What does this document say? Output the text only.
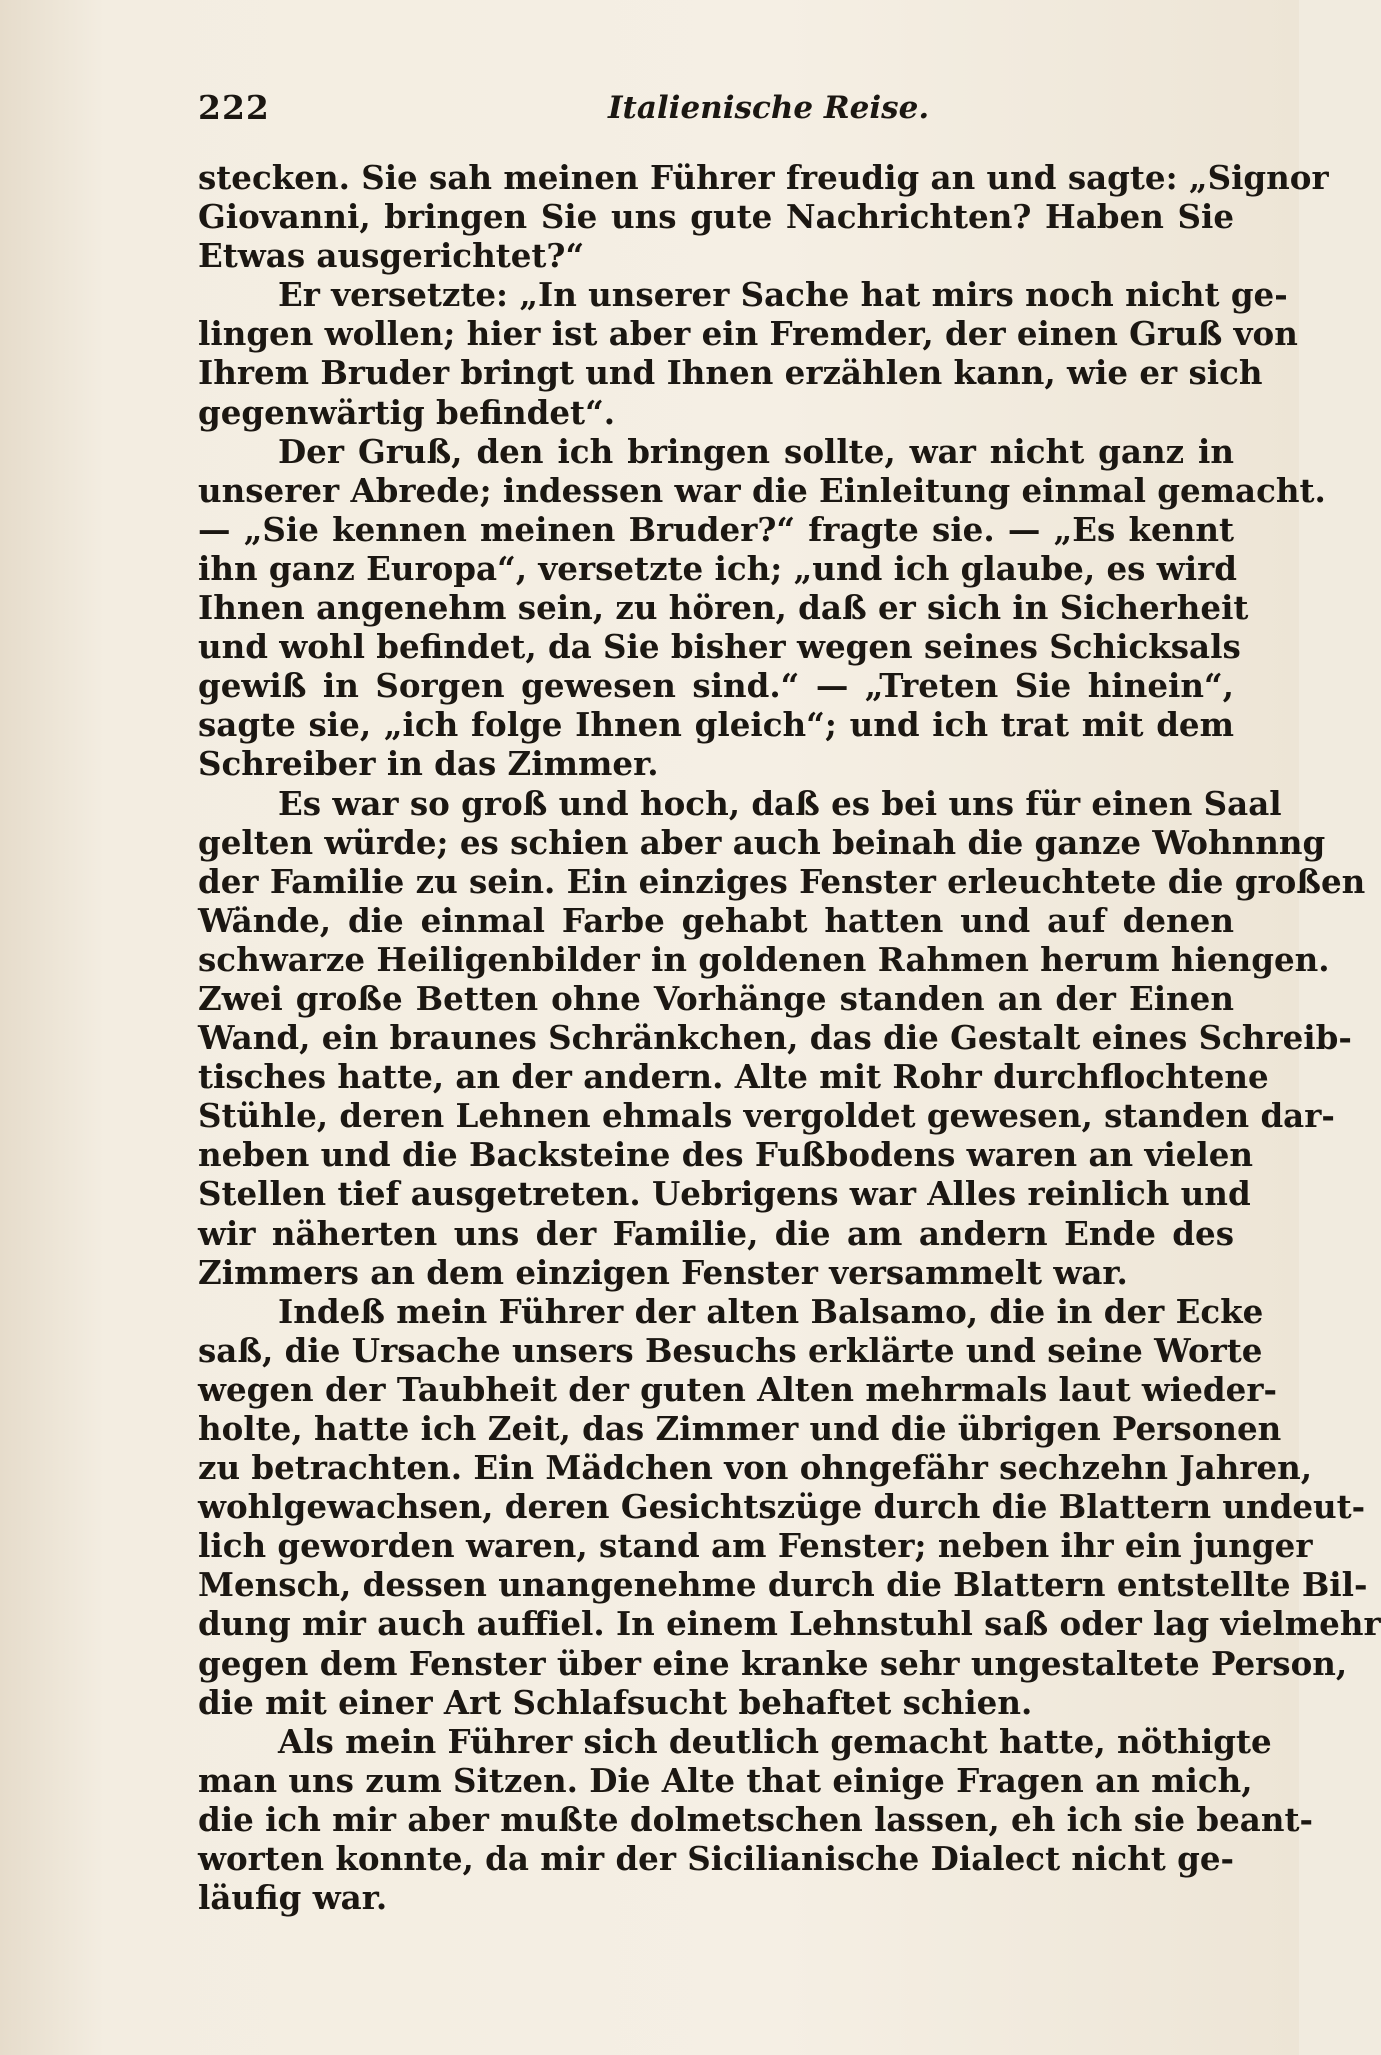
222	Italienische Reise.
stecken. Sie sah meinen Führer freudig an und sagte: „Signor
Giovanni, bringen Sie uns gute Nachrichten? Haben Sie
Etwas ausgerichtet?“
Er versetzte: „In unserer Sache hat mirs noch nicht ge-
lingen wollen; hier ist aber ein Fremder, der einen Gruß von
Ihrem Bruder bringt und Ihnen erzählen kann, wie er sich
gegenwärtig befindet“.
Der Gruß, den ich bringen sollte, war nicht ganz in
unserer Abrede; indessen war die Einleitung einmal gemacht.
— „Sie kennen meinen Bruder?“ fragte sie. — „Es kennt
ihn ganz Europa“, versetzte ich; „und ich glaube, es wird
Ihnen angenehm sein, zu hören, daß er sich in Sicherheit
und wohl befindet, da Sie bisher wegen seines Schicksals
gewiß in Sorgen gewesen sind.“ — „Treten Sie hinein“,
sagte sie, „ich folge Ihnen gleich“; und ich trat mit dem
Schreiber in das Zimmer.
Es war so groß und hoch, daß es bei uns für einen Saal
gelten würde; es schien aber auch beinah die ganze Wohnnng
der Familie zu sein. Ein einziges Fenster erleuchtete die großen
Wände, die einmal Farbe gehabt hatten und auf denen
schwarze Heiligenbilder in goldenen Rahmen herum hiengen.
Zwei große Betten ohne Vorhänge standen an der Einen
Wand, ein braunes Schränkchen, das die Gestalt eines Schreib-
tisches hatte, an der andern. Alte mit Rohr durchflochtene
Stühle, deren Lehnen ehmals vergoldet gewesen, standen dar-
neben und die Backsteine des Fußbodens waren an vielen
Stellen tief ausgetreten. Uebrigens war Alles reinlich und
wir näherten uns der Familie, die am andern Ende des
Zimmers an dem einzigen Fenster versammelt war.
Indeß mein Führer der alten Balsamo, die in der Ecke
saß, die Ursache unsers Besuchs erklärte und seine Worte
wegen der Taubheit der guten Alten mehrmals laut wieder-
holte, hatte ich Zeit, das Zimmer und die übrigen Personen
zu betrachten. Ein Mädchen von ohngefähr sechzehn Jahren,
wohlgewachsen, deren Gesichtszüge durch die Blattern undeut-
lich geworden waren, stand am Fenster; neben ihr ein junger
Mensch, dessen unangenehme durch die Blattern entstellte Bil-
dung mir auch auffiel. In einem Lehnstuhl saß oder lag vielmehr
gegen dem Fenster über eine kranke sehr ungestaltete Person,
die mit einer Art Schlafsucht behaftet schien.
Als mein Führer sich deutlich gemacht hatte, nöthigte
man uns zum Sitzen. Die Alte that einige Fragen an mich,
die ich mir aber mußte dolmetschen lassen, eh ich sie beant-
worten konnte, da mir der Sicilianische Dialect nicht ge-
läufig war.
